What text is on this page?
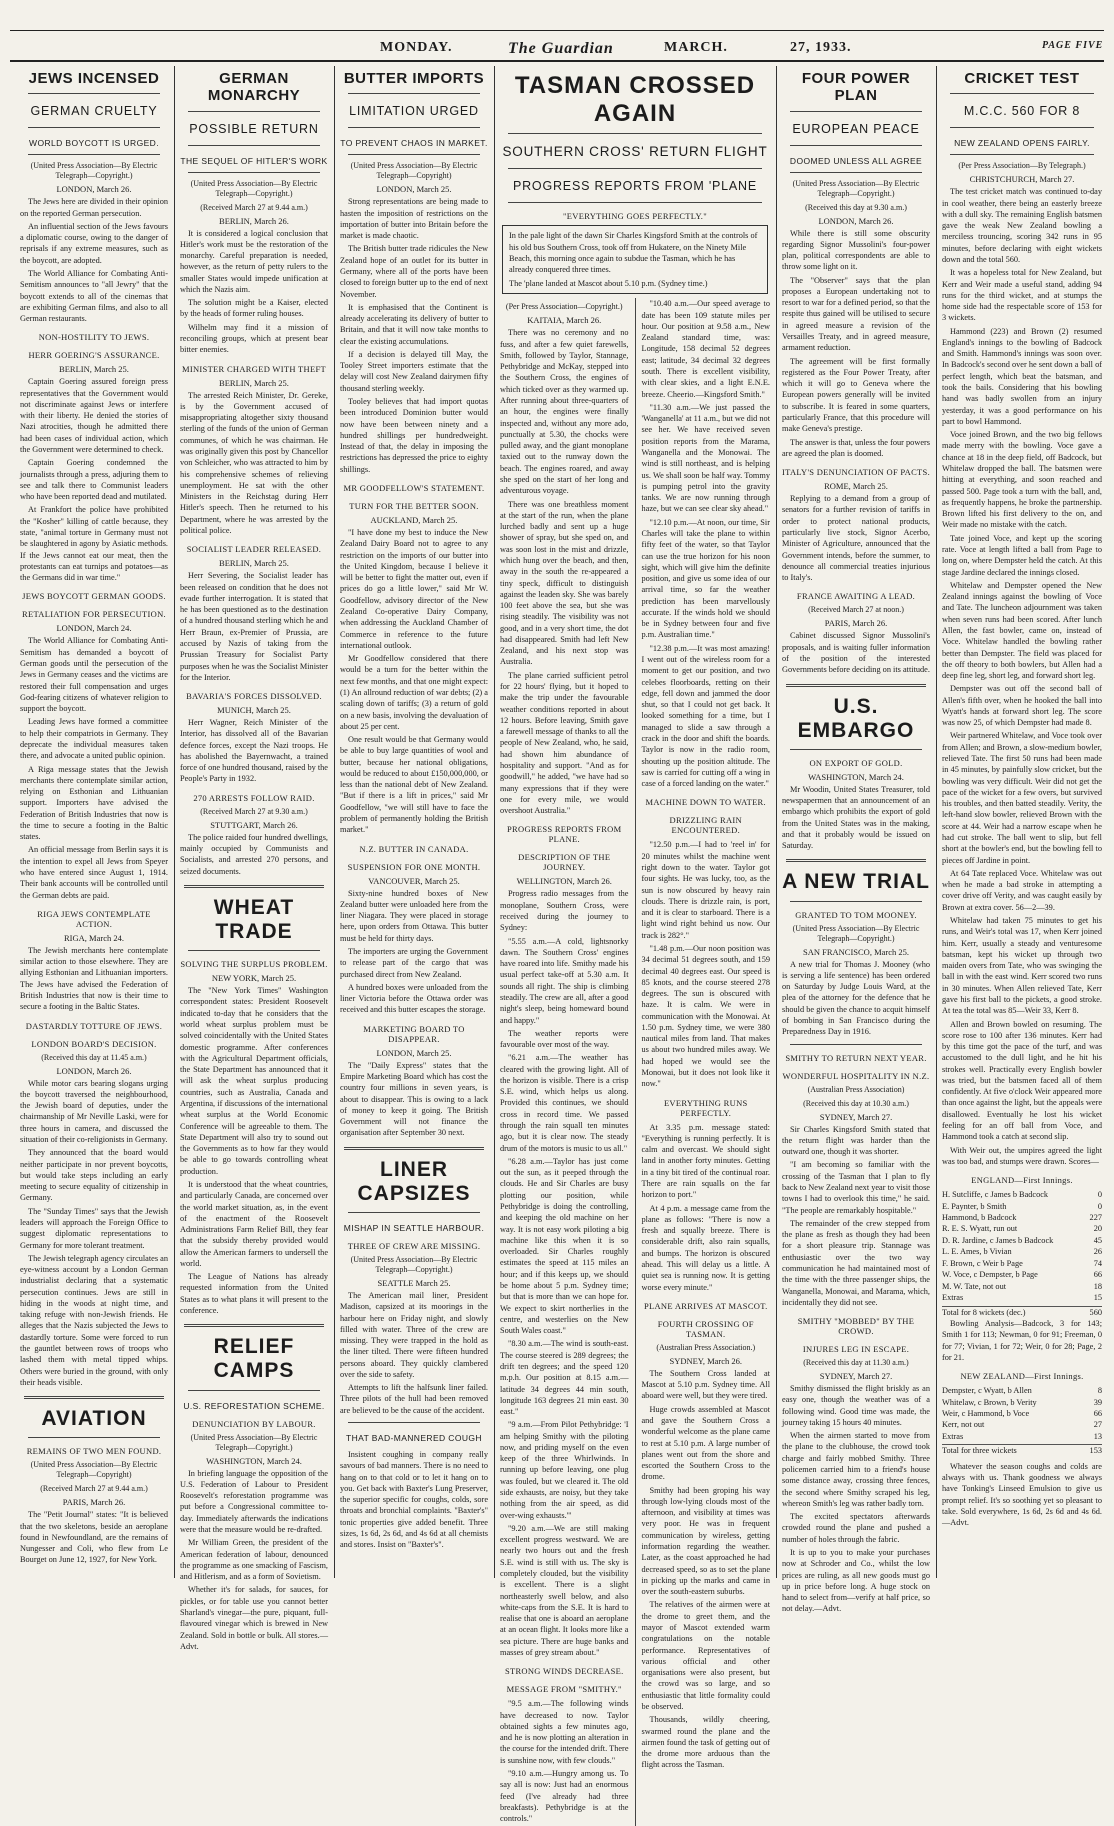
MONDAY.	The Guardian	MARCH.	27, 1933.	PAGE FIVE
JEWS INCENSED
GERMAN CRUELTY
WORLD BOYCOTT IS URGED.
(United Press Association—By Electric Telegraph—Copyright.)
LONDON, March 26.

The Jews here are divided in their opinion on the reported German persecution.

An influential section of the Jews favours a diplomatic course, owing to the danger of reprisals if any extreme measures, such as the boycott, are adopted.

The World Alliance for Combating Anti-Semitism announces to "all Jewry" that the boycott extends to all of the cinemas that are exhibiting German films, and also to all German restaurants.

NON-HOSTILITY TO JEWS.
HERR GOERING'S ASSURANCE.
BERLIN, March 25.

Captain Goering assured foreign press representatives that the Government would not discriminate against Jews or interfere with their liberty. He denied the stories of Nazi atrocities, though he admitted there had been cases of individual action, which the Government were determined to check.

Captain Goering condemned the journalists through a press, adjuring them to see and talk there to Communist leaders who have been reported dead and mutilated.

At Frankfort the police have prohibited the "Kosher" killing of cattle because, they state, "animal torture in Germany must not be slaughtered in agony by Asiatic methods. If the Jews cannot eat our meat, then the protestants can eat turnips and potatoes—as the Germans did in war time."

JEWS BOYCOTT GERMAN GOODS.
RETALIATION FOR PERSECUTION.
LONDON, March 24.

The World Alliance for Combating Anti-Semitism has demanded a boycott of German goods until the persecution of the Jews in Germany ceases and the victims are restored their full compensation and urges God-fearing citizens of whatever religion to support the boycott.

Leading Jews have formed a committee to help their compatriots in Germany. They deprecate the individual measures taken there, and advocate a united public opinion.

A Riga message states that the Jewish merchants there contemplate similar action, relying on Esthonian and Lithuanian support. Importers have advised the Federation of British Industries that now is the time to secure a footing in the Baltic states.

An official message from Berlin says it is the intention to expel all Jews from Speyer who have entered since August 1, 1914. Their bank accounts will be controlled until the German debts are paid.

RIGA JEWS CONTEMPLATE ACTION.
RIGA, March 24.

The Jewish merchants here contemplate similar action to those elsewhere. They are allying Esthonian and Lithuanian importers. The Jews have advised the Federation of British Industries that now is their time to secure a footing in the Baltic States.

DASTARDLY TOTTURE OF JEWS.
LONDON BOARD'S DECISION.
(Received this day at 11.45 a.m.)
LONDON, March 26.

While motor cars bearing slogans urging the boycott traversed the neighbourhood, the Jewish board of deputies, under the chairmanship of Mr Neville Laski, were for three hours in camera, and discussed the situation of their co-religionists in Germany.

They announced that the board would neither participate in nor prevent boycotts, but would take steps including an early meeting to secure equality of citizenship in Germany.

The "Sunday Times" says that the Jewish leaders will approach the Foreign Office to suggest diplomatic representations to Germany for more tolerant treatment.

The Jewish telegraph agency circulates an eye-witness account by a London German industrialist declaring that a systematic persecution continues. Jews are still in hiding in the woods at night time, and taking refuge with non-Jewish friends. He alleges that the Nazis subjected the Jews to dastardly torture. Some were forced to run the gauntlet between rows of troops who lashed them with metal tipped whips. Others were buried in the ground, with only their heads visible.

AVIATION
REMAINS OF TWO MEN FOUND.
(United Press Association—By Electric Telegraph—Copyright)
(Received March 27 at 9.44 a.m.)
PARIS, March 26.

The "Petit Journal" states: "It is believed that the two skeletons, beside an aeroplane found in Newfoundland, are the remains of Nungesser and Coli, who flew from Le Bourget on June 12, 1927, for New York.

GERMAN MONARCHY
POSSIBLE RETURN
THE SEQUEL OF HITLER'S WORK
(United Press Association—By Electric Telegraph—Copyright.)
(Received March 27 at 9.44 a.m.)
BERLIN, March 26.

It is considered a logical conclusion that Hitler's work must be the restoration of the monarchy. Careful preparation is needed, however, as the return of petty rulers to the smaller States would impede unification at which the Nazis aim.

The solution might be a Kaiser, elected by the heads of former ruling houses.

Wilhelm may find it a mission of reconciling groups, which at present bear bitter enemies.

MINISTER CHARGED WITH THEFT
BERLIN, March 25.

The arrested Reich Minister, Dr. Gereke, is by the Government accused of misappropriating altogether sixty thousand sterling of the funds of the union of German communes, of which he was chairman. He was originally given this post by Chancellor von Schleicher, who was attracted to him by his comprehensive schemes of relieving unemployment. He sat with the other Ministers in the Reichstag during Herr Hitler's speech. Then he returned to his Department, where he was arrested by the political police.

SOCIALIST LEADER RELEASED.
BERLIN, March 25.

Herr Severing, the Socialist leader has been released on condition that he does not evade further interrogation. It is stated that he has been questioned as to the destination of a hundred thousand sterling which he and Herr Braun, ex-Premier of Prussia, are accused by Nazis of taking from the Prussian Treasury for Socialist Party purposes when he was the Socialist Minister for the Interior.

BAVARIA'S FORCES DISSOLVED.
MUNICH, March 25.

Herr Wagner, Reich Minister of the Interior, has dissolved all of the Bavarian defence forces, except the Nazi troops. He has abolished the Bayernwacht, a trained force of one hundred thousand, raised by the People's Party in 1932.

270 ARRESTS FOLLOW RAID.
(Received March 27 at 9.30 a.m.)
STUTTGART, March 26.

The police raided four hundred dwellings, mainly occupied by Communists and Socialists, and arrested 270 persons, and seized documents.

WHEAT TRADE
SOLVING THE SURPLUS PROBLEM.
NEW YORK, March 25.

The "New York Times" Washington correspondent states: President Roosevelt indicated to-day that he considers that the world wheat surplus problem must be solved coincidentally with the United States domestic programme. After conferences with the Agricultural Department officials, the State Department has announced that it will ask the wheat surplus producing countries, such as Australia, Canada and Argentina, if discussions of the international wheat surplus at the World Economic Conference will be agreeable to them. The State Department will also try to sound out the Governments as to how far they would be able to go towards controlling wheat production.

It is understood that the wheat countries, and particularly Canada, are concerned over the world market situation, as, in the event of the enactment of the Roosevelt Administrations Farm Relief Bill, they fear that the subsidy thereby provided would allow the American farmers to undersell the world.

The League of Nations has already requested information from the United States as to what plans it will present to the conference.

RELIEF CAMPS
U.S. REFORESTATION SCHEME.
DENUNCIATION BY LABOUR.
(United Press Association—By Electric Telegraph—Copyright.)
WASHINGTON, March 24.

In briefing language the opposition of the U.S. Federation of Labour to President Roosevelt's reforestation programme was put before a Congressional committee to-day. Immediately afterwards the indications were that the measure would be re-drafted.

Mr William Green, the president of the American federation of labour, denounced the programme as one smacking of Fascism, and Hitlerism, and as a form of Sovietism.

Whether it's for salads, for sauces, for pickles, or for table use you cannot better Sharland's vinegar—the pure, piquant, full-flavoured vinegar which is brewed in New Zealand. Sold in bottle or bulk. All stores.—Advt.

BUTTER IMPORTS
LIMITATION URGED
TO PREVENT CHAOS IN MARKET.
(United Press Association—By Electric Telegraph—Copyright)
LONDON, March 25.

Strong representations are being made to hasten the imposition of restrictions on the importation of butter into Britain before the market is made chaotic.

The British butter trade ridicules the New Zealand hope of an outlet for its butter in Germany, where all of the ports have been closed to foreign butter up to the end of next November.

It is emphasised that the Continent is already accelerating its delivery of butter to Britain, and that it will now take months to clear the existing accumulations.

If a decision is delayed till May, the Tooley Street importers estimate that the delay will cost New Zealand dairymen fifty thousand sterling weekly.

Tooley believes that had import quotas been introduced Dominion butter would now have been between ninety and a hundred shillings per hundredweight. Instead of that, the delay in imposing the restrictions has depressed the price to eighty shillings.

MR GOODFELLOW'S STATEMENT.
TURN FOR THE BETTER SOON.
AUCKLAND, March 25.

"I have done my best to induce the New Zealand Dairy Board not to agree to any restriction on the imports of our butter into the United Kingdom, because I believe it will be better to fight the matter out, even if prices do go a little lower," said Mr W. Goodfellow, advisory director of the New Zealand Co-operative Dairy Company, when addressing the Auckland Chamber of Commerce in reference to the future international outlook.

Mr Goodfellow considered that there would be a turn for the better within the next few months, and that one might expect: (1) An allround reduction of war debts; (2) a scaling down of tariffs; (3) a return of gold on a new basis, involving the devaluation of about 25 per cent.

One result would be that Germany would be able to buy large quantities of wool and butter, because her national obligations, would be reduced to about £150,000,000, or less than the national debt of New Zealand. "But if there is a lift in prices," said Mr Goodfellow, "we will still have to face the problem of permanently holding the British market."

N.Z. BUTTER IN CANADA.
SUSPENSION FOR ONE MONTH.
VANCOUVER, March 25.

Sixty-nine hundred boxes of New Zealand butter were unloaded here from the liner Niagara. They were placed in storage here, upon orders from Ottawa. This butter must be held for thirty days.

The importers are urging the Government to release part of the cargo that was purchased direct from New Zealand.

A hundred boxes were unloaded from the liner Victoria before the Ottawa order was received and this butter escapes the storage.

MARKETING BOARD TO DISAPPEAR.
LONDON, March 25.

The "Daily Express" states that the Empire Marketing Board which has cost the country four millions in seven years, is about to disappear. This is owing to a lack of money to keep it going. The British Government will not finance the organisation after September 30 next.

LINER CAPSIZES
MISHAP IN SEATTLE HARBOUR.
THREE OF CREW ARE MISSING.
(United Press Association—By Electric Telegraph—Copyright.)
SEATTLE March 25.

The American mail liner, President Madison, capsized at its moorings in the harbour here on Friday night, and slowly filled with water. Three of the crew are missing. They were trapped in the hold as the liner tilted. There were fifteen hundred persons aboard. They quickly clambered over the side to safety.

Attempts to lift the halfsunk liner failed. Three pilots of the hull had been removed are believed to be the cause of the accident.

THAT BAD-MANNERED COUGH

Insistent coughing in company really savours of bad manners. There is no need to hang on to that cold or to let it hang on to you. Get back with Baxter's Lung Preserver, the superior specific for coughs, colds, sore throats and bronchial complaints. "Baxter's" tonic properties give added benefit. Three sizes, 1s 6d, 2s 6d, and 4s 6d at all chemists and stores. Insist on "Baxter's".

TASMAN CROSSED AGAIN
SOUTHERN CROSS' RETURN FLIGHT
PROGRESS REPORTS FROM 'PLANE
"EVERYTHING GOES PERFECTLY."
In the pale light of the dawn Sir Charles Kingsford Smith at the controls of his old bus Southern Cross, took off from Hukatere, on the Ninety Mile Beach, this morning once again to subdue the Tasman, which he has already conquered three times.
The 'plane landed at Mascot about 5.10 p.m. (Sydney time.)
(Per Press Association—Copyright.)
KAITAIA, March 26.

There was no ceremony and no fuss, and after a few quiet farewells, Smith, followed by Taylor, Stannage, Pethybridge and McKay, stepped into the Southern Cross, the engines of which ticked over as they warmed up. After running about three-quarters of an hour, the engines were finally inspected and, without any more ado, punctually at 5.30, the chocks were pulled away, and the giant monoplane taxied out to the runway down the beach. The engines roared, and away she sped on the start of her long and adventurous voyage.

There was one breathless moment at the start of the run, when the plane lurched badly and sent up a huge shower of spray, but she sped on, and was soon lost in the mist and drizzle, which hung over the beach, and then, away in the south the re-appeared a tiny speck, difficult to distinguish against the leaden sky. She was barely 100 feet above the sea, but she was rising steadily. The visibility was not good, and in a very short time, the dot had disappeared. Smith had left New Zealand, and his next stop was Australia.

The plane carried sufficient petrol for 22 hours' flying, but it hoped to make the trip under the favourable weather conditions reported in about 12 hours. Before leaving, Smith gave a farewell message of thanks to all the people of New Zealand, who, he said, had shown him abundance of hospitality and support. "And as for goodwill," he added, "we have had so many expressions that if they were one for every mile, we would overshoot Australia."

PROGRESS REPORTS FROM PLANE.
DESCRIPTION OF THE JOURNEY.
WELLINGTON, March 26.

Progress radio messages from the monoplane, Southern Cross, were received during the journey to Sydney:

"5.55 a.m.—A cold, lightsnorky dawn. The Southern Cross' engines have roared into life. Smithy made his usual perfect take-off at 5.30 a.m. It sounds all right. The ship is climbing steadily. The crew are all, after a good night's sleep, being homeward bound and happy."

The weather reports were favourable over most of the way.

"6.21 a.m.—The weather has cleared with the growing light. All of the horizon is visible. There is a crisp S.E. wind, which helps us along. Provided this continues, we should cross in record time. We passed through the rain squall ten minutes ago, but it is clear now. The steady drum of the motors is music to us all."

"6.28 a.m.—Taylor has just come out the sun, as it peeped through the clouds. He and Sir Charles are busy plotting our position, while Pethybridge is doing the controlling, and keeping the old machine on her way. It is not easy work piloting a big machine like this when it is so overloaded. Sir Charles roughly estimates the speed at 115 miles an hour; and if this keeps up, we should be home about 5 p.m. Sydney time; but that is more than we can hope for. We expect to skirt northerlies in the centre, and westerlies on the New South Wales coast."

"8.30 a.m.—The wind is south-east. The course steered is 289 degrees; the drift ten degrees; and the speed 120 m.p.h. Our position at 8.15 a.m.—latitude 34 degrees 44 min south, longitude 163 degrees 21 min east. 30 east."

"9 a.m.—From Pilot Pethybridge: 'I am helping Smithy with the piloting now, and priding myself on the even keep of the three Whirlwinds. In running up before leaving, one plug was fouled, but we cleared it. The old side exhausts, are noisy, but they take nothing from the air speed, as did over-wing exhausts.'"

"9.20 a.m.—We are still making excellent progress westward. We are nearly two hours out and the fresh S.E. wind is still with us. The sky is completely clouded, but the visibility is excellent. There is a slight northeasterly swell below, and also white-caps from the S.E. It is hard to realise that one is aboard an aeroplane at an ocean flight. It looks more like a sea picture. There are huge banks and masses of grey stream about."

STRONG WINDS DECREASE.
MESSAGE FROM "SMITHY."

"9.5 a.m.—The following winds have decreased to now. Taylor obtained sights a few minutes ago, and he is now plotting an alteration in the course for the intended drift. There is sunshine now, with few clouds."

"9.10 a.m.—Hungry among us. To say all is now: Just had an enormous feed (I've already had three breakfasts). Pethybridge is at the controls."

"10.40 a.m.—Our speed average to date has been 109 statute miles per hour. Our position at 9.58 a.m., New Zealand standard time, was: Longitude, 158 decimal 52 degrees east; latitude, 34 decimal 32 degrees south. There is excellent visibility, with clear skies, and a light E.N.E. breeze. Cheerio.—Kingsford Smith."

"11.30 a.m.—We just passed the 'Wanganella' at 11 a.m., but we did not see her. We have received seven position reports from the Marama, Wanganella and the Monowai. The wind is still northeast, and is helping us. We shall soon be half way. Tommy is pumping petrol into the gravity tanks. We are now running through haze, but we can see clear sky ahead."

"12.10 p.m.—At noon, our time, Sir Charles will take the plane to within fifty feet of the water, so that Taylor can use the true horizon for his noon sight, which will give him the definite position, and give us some idea of our arrival time, so far the weather prediction has been marvellously accurate. If the winds hold we should be in Sydney between four and five p.m. Australian time."

"12.38 p.m.—It was most amazing! I went out of the wireless room for a moment to get our position, and two celebes floorboards, retting on their edge, fell down and jammed the door shut, so that I could not get back. It looked something for a time, but I managed to slide a saw through a crack in the door and shift the boards. Taylor is now in the radio room, shouting up the position altitude. The saw is carried for cutting off a wing in case of a forced landing on the water."

MACHINE DOWN TO WATER.
DRIZZLING RAIN ENCOUNTERED.

"12.50 p.m.—I had to 'reel in' for 20 minutes whilst the machine went right down to the water. Taylor got four sights. He was lucky, too, as the sun is now obscured by heavy rain clouds. There is drizzle rain, is port, and it is clear to starboard. There is a light wind right behind us now. Our track is 282°."

"1.48 p.m.—Our noon position was 34 decimal 51 degrees south, and 159 decimal 40 degrees east. Our speed is 85 knots, and the course steered 278 degrees. The sun is obscured with haze. It is calm. We were in communication with the Monowai. At 1.50 p.m. Sydney time, we were 380 nautical miles from land. That makes us about two hundred miles away. We had hoped we would see the Monowai, but it does not look like it now."

EVERYTHING RUNS PERFECTLY.

At 3.35 p.m. message stated: "Everything is running perfectly. It is calm and overcast. We should sight land in another forty minutes. Getting in a tiny bit tired of the continual roar. There are rain squalls on the far horizon to port."

At 4 p.m. a message came from the plane as follows: "There is now a fresh and squally breeze. There is considerable drift, also rain squalls, and bumps. The horizon is obscured ahead. This will delay us a little. A quiet sea is running now. It is getting worse every minute."

PLANE ARRIVES AT MASCOT.
FOURTH CROSSING OF TASMAN.
(Australian Press Association.)
SYDNEY, March 26.

The Southern Cross landed at Mascot at 5.10 p.m. Sydney time. All aboard were well, but they were tired.

Huge crowds assembled at Mascot and gave the Southern Cross a wonderful welcome as the plane came to rest at 5.10 p.m. A large number of planes went out from the shore and escorted the Southern Cross to the drome.

Smithy had been groping his way through low-lying clouds most of the afternoon, and visibility at times was very poor. He was in frequent communication by wireless, getting information regarding the weather. Later, as the coast approached he had decreased speed, so as to set the plane in picking up the marks and came in over the south-eastern suburbs.

The relatives of the airmen were at the drome to greet them, and the mayor of Mascot extended warm congratulations on the notable performance. Representatives of various official and other organisations were also present, but the crowd was so large, and so enthusiastic that little formality could be observed.

Thousands, wildly cheering, swarmed round the plane and the airmen found the task of getting out of the drome more arduous than the flight across the Tasman.

FOUR POWER PLAN
EUROPEAN PEACE
DOOMED UNLESS ALL AGREE
(United Press Association—By Electric Telegraph—Copyright.)
(Received this day at 9.30 a.m.)
LONDON, March 26.

While there is still some obscurity regarding Signor Mussolini's four-power plan, political correspondents are able to throw some light on it.

The "Observer" says that the plan proposes a European undertaking not to resort to war for a defined period, so that the respite thus gained will be utilised to secure in agreed measure a revision of the Versailles Treaty, and in agreed measure, armament reduction.

The agreement will be first formally registered as the Four Power Treaty, after which it will go to Geneva where the European powers generally will be invited to subscribe. It is feared in some quarters, particularly France, that this procedure will make Geneva's prestige.

The answer is that, unless the four powers are agreed the plan is doomed.

ITALY'S DENUNCIATION OF PACTS.
ROME, March 25.

Replying to a demand from a group of senators for a further revision of tariffs in order to protect national products, particularly live stock, Signor Acerbo, Minister of Agriculture, announced that the Government intends, before the summer, to denounce all commercial treaties injurious to Italy's.

FRANCE AWAITING A LEAD.
(Received March 27 at noon.)
PARIS, March 26.

Cabinet discussed Signor Mussolini's proposals, and is waiting fuller information of the position of the interested Governments before deciding on its attitude.

U.S. EMBARGO
ON EXPORT OF GOLD.
WASHINGTON, March 24.

Mr Woodin, United States Treasurer, told newspapermen that an announcement of an embargo which prohibits the export of gold from the United States was in the making, and that it probably would be issued on Saturday.

A NEW TRIAL
GRANTED TO TOM MOONEY.
(United Press Association—By Electric Telegraph—Copyright.)
SAN FRANCISCO, March 25.

A new trial for Thomas J. Mooney (who is serving a life sentence) has been ordered on Saturday by Judge Louis Ward, at the plea of the attorney for the defence that he should be given the chance to acquit himself of bombing in San Francisco during the Preparedness Day in 1916.

SMITHY TO RETURN NEXT YEAR.
WONDERFUL HOSPITALITY IN N.Z.
(Australian Press Association)
(Received this day at 10.30 a.m.)
SYDNEY, March 27.

Sir Charles Kingsford Smith stated that the return flight was harder than the outward one, though it was shorter.

"I am becoming so familiar with the crossing of the Tasman that I plan to fly back to New Zealand next year to visit those towns I had to overlook this time," he said. "The people are remarkably hospitable."

The remainder of the crew stepped from the plane as fresh as though they had been for a short pleasure trip. Stannage was enthusiastic over the two way communication he had maintained most of the time with the three passenger ships, the Wanganella, Monowai, and Marama, which, incidentally they did not see.

SMITHY "MOBBED" BY THE CROWD.
INJURES LEG IN ESCAPE.
(Received this day at 11.30 a.m.)
SYDNEY, March 27.

Smithy dismissed the flight briskly as an easy one, though the weather was of a following wind. Good time was made, the journey taking 15 hours 40 minutes.

When the airmen started to move from the plane to the clubhouse, the crowd took charge and fairly mobbed Smithy. Three policemen carried him to a friend's house some distance away, crossing three fences, the second where Smithy scraped his leg, whereon Smith's leg was rather badly torn.

The excited spectators afterwards crowded round the plane and pushed a number of holes through the fabric.

It is up to you to make your purchases now at Schroder and Co., whilst the low prices are ruling, as all new goods must go up in price before long. A huge stock on hand to select from—verify at half price, so not delay.—Advt.

CRICKET TEST
M.C.C. 560 FOR 8
NEW ZEALAND OPENS FAIRLY.
(Per Press Association—By Telegraph.)
CHRISTCHURCH, March 27.

The test cricket match was continued to-day in cool weather, there being an easterly breeze with a dull sky. The remaining English batsmen gave the weak New Zealand bowling a merciless trouncing, scoring 342 runs in 95 minutes, before declaring with eight wickets down and the total 560.

It was a hopeless total for New Zealand, but Kerr and Weir made a useful stand, adding 94 runs for the third wicket, and at stumps the home side had the respectable score of 153 for 3 wickets.

Hammond (223) and Brown (2) resumed England's innings to the bowling of Badcock and Smith. Hammond's innings was soon over. In Badcock's second over he sent down a ball of perfect length, which beat the batsman, and took the bails. Considering that his bowling hand was badly swollen from an injury yesterday, it was a good performance on his part to bowl Hammond.

Voce joined Brown, and the two big fellows made merry with the bowling. Voce gave a chance at 18 in the deep field, off Badcock, but Whitelaw dropped the ball. The batsmen were hitting at everything, and soon reached and passed 500. Page took a turn with the ball, and, as frequently happens, he broke the partnership. Brown lifted his first delivery to the on, and Weir made no mistake with the catch.

Tate joined Voce, and kept up the scoring rate. Voce at length lifted a ball from Page to long on, where Dempster held the catch. At this stage Jardine declared the innings closed.

Whitelaw and Dempster opened the New Zealand innings against the bowling of Voce and Tate. The luncheon adjournment was taken when seven runs had been scored. After lunch Allen, the fast bowler, came on, instead of Voce. Whitelaw handled the bowling rather better than Dempster. The field was placed for the off theory to both bowlers, but Allen had a deep fine leg, short leg, and forward short leg.

Dempster was out off the second ball of Allen's fifth over, when he hooked the ball into Wyatt's hands at forward short leg. The score was now 25, of which Dempster had made 8.

Weir partnered Whitelaw, and Voce took over from Allen; and Brown, a slow-medium bowler, relieved Tate. The first 50 runs had been made in 45 minutes, by painfully slow cricket, but the bowling was very difficult. Weir did not get the pace of the wicket for a few overs, but survived his troubles, and then batted steadily. Verity, the left-hand slow bowler, relieved Brown with the score at 44. Weir had a narrow escape when he had cut stroke. The ball went to slip, but fell short at the bowler's end, but the bowling fell to pieces off Jardine in point.

At 64 Tate replaced Voce. Whitelaw was out when he made a bad stroke in attempting a cover drive off Verity, and was caught easily by Brown at extra cover. 56—2—39.

Whitelaw had taken 75 minutes to get his runs, and Weir's total was 17, when Kerr joined him. Kerr, usually a steady and venturesome batsman, kept his wicket up through two maiden overs from Tate, who was swinging the ball in with the east wind. Kerr scored two runs in 30 minutes. When Allen relieved Tate, Kerr gave his first ball to the pickets, a good stroke. At tea the total was 85—Weir 33, Kerr 8.

Allen and Brown bowled on resuming. The score rose to 100 after 136 minutes. Kerr had by this time got the pace of the turf, and was accustomed to the dull light, and he hit his strokes well. Practically every English bowler was tried, but the batsmen faced all of them confidently. At five o'clock Weir appeared more than once against the light, but the appeals were disallowed. Eventually he lost his wicket feeling for an off ball from Voce, and Hammond took a catch at second slip.

With Weir out, the umpires agreed the light was too bad, and stumps were drawn. Scores—

ENGLAND—First Innings.
H. Sutcliffe, c James b Badcock	0
E. Paynter, b Smith	0
Hammond, b Badcock	227
R. E. S. Wyatt, run out	20
D. R. Jardine, c James b Badcock	45
L. E. Ames, b Vivian	26
F. Brown, c Weir b Page	74
W. Voce, c Dempster, b Page	66
M. W. Tate, not out	18
Extras	15
Total for 8 wickets (dec.)	560

Bowling Analysis—Badcock, 3 for 143; Smith 1 for 113; Newman, 0 for 91; Freeman, 0 for 77; Vivian, 1 for 72; Weir, 0 for 28; Page, 2 for 21.

NEW ZEALAND—First Innings.
Dempster, c Wyatt, b Allen	8
Whitelaw, c Brown, b Verity	39
Weir, c Hammond, b Voce	66
Kerr, not out	27
Extras	13
Total for three wickets	153

Whatever the season coughs and colds are always with us. Thank goodness we always have Tonking's Linseed Emulsion to give us prompt relief. It's so soothing yet so pleasant to take. Sold everywhere, 1s 6d, 2s 6d and 4s 6d.—Advt.
